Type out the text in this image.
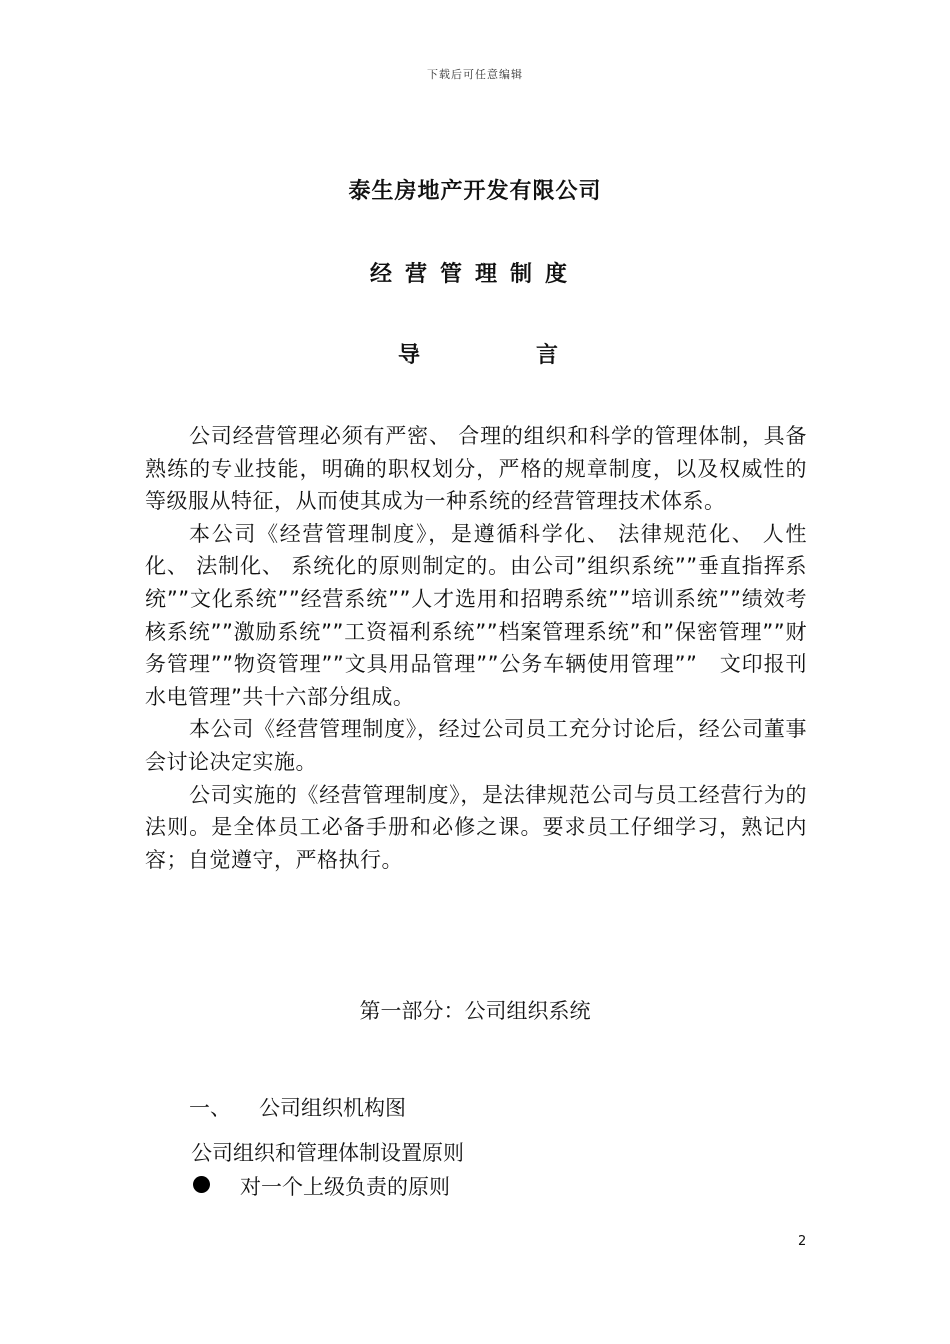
下载后可任意编辑
泰生房地产开发有限公司
经营管理制度
导	言

公司经营管理必须有严密、 合理的组织和科学的管理体制，具备熟练的专业技能，明确的职权划分，严格的规章制度，以及权威性的等级服从特征，从而使其成为一种系统的经营管理技术体系。

本公司《经营管理制度》，是遵循科学化、 法律规范化、 人性化、 法制化、 系统化的原则制定的。由公司”组织系统””垂直指挥系统””文化系统””经营系统””人才选用和招聘系统””培训系统””绩效考核系统””激励系统””工资福利系统””档案管理系统”和”保密管理””财务管理””物资管理””文具用品管理””公务车辆使用管理””　文印报刊水电管理”共十六部分组成。

本公司《经营管理制度》，经过公司员工充分讨论后，经公司董事会讨论决定实施。

公司实施的《经营管理制度》，是法律规范公司与员工经营行为的法则。是全体员工必备手册和必修之课。要求员工仔细学习，熟记内容；自觉遵守，严格执行。

第一部分：公司组织系统
一、	公司组织机构图
公司组织和管理体制设置原则
对一个上级负责的原则
2
